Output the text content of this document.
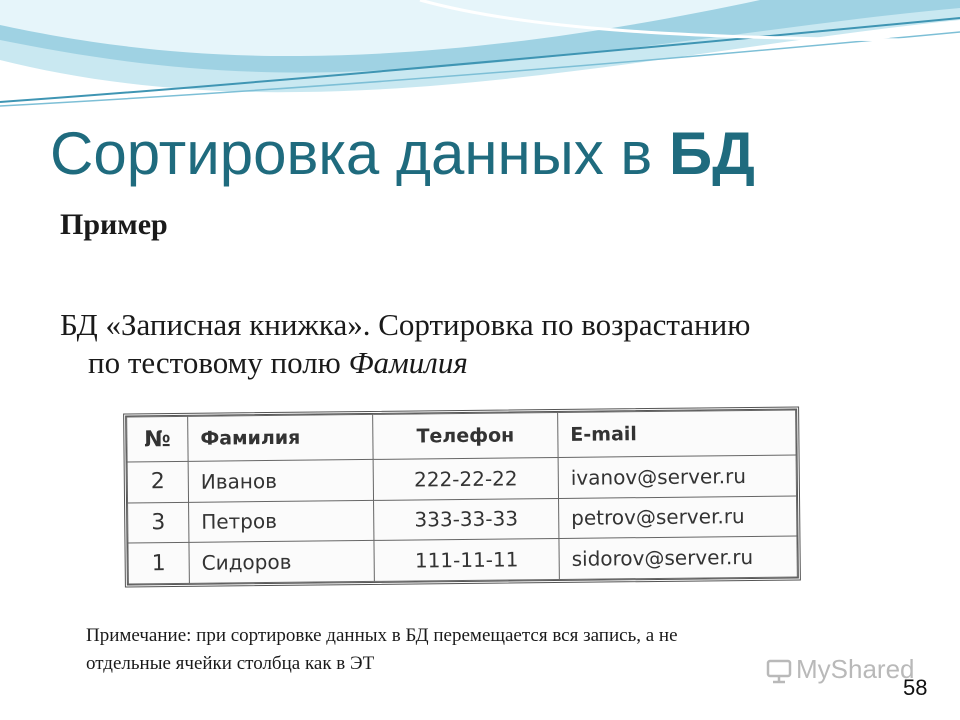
Сортировка данных в БД
Пример
БД «Записная книжка». Сортировка по возрастанию
по тестовому полю Фамилия
№	Фамилия	Телефон	E-mail
2	Иванов	222-22-22	ivanov@server.ru
3	Петров	333-33-33	petrov@server.ru
1	Сидоров	111-11-11	sidorov@server.ru
Примечание: при сортировке данных в БД перемещается вся запись, а не
отдельные ячейки столбца как в ЭТ	MyShared
58
